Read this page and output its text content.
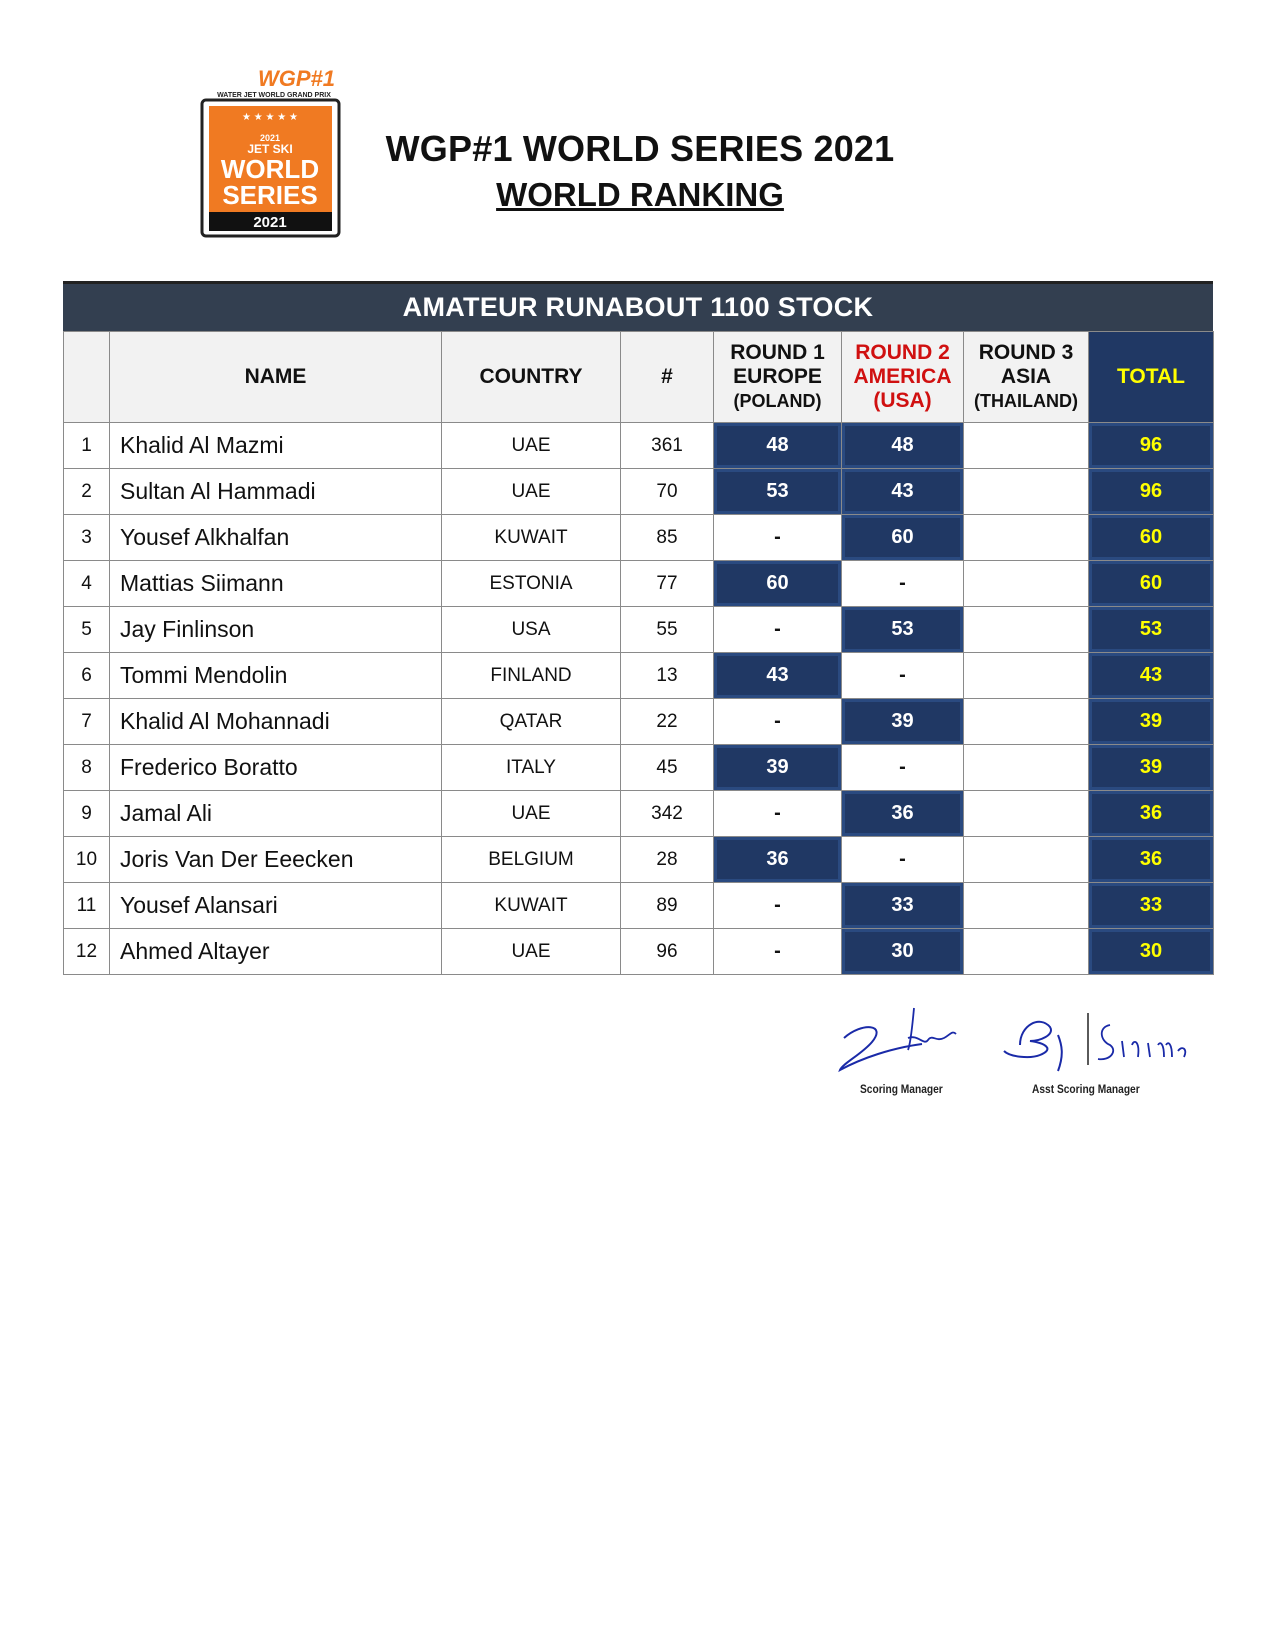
WGP#1
WATER JET WORLD GRAND PRIX
★ ★ ★ ★ ★
2021
JET SKI
WORLD
SERIES
2021
WGP#1 WORLD SERIES 2021
WORLD RANKING
AMATEUR RUNABOUT 1100 STOCK
	NAME	COUNTRY	#	ROUND 1
EUROPE
(POLAND)	ROUND 2
AMERICA
(USA)	ROUND 3
ASIA
(THAILAND)	TOTAL
1	Khalid Al Mazmi	UAE	361	48	48		96
2	Sultan Al Hammadi	UAE	70	53	43		96
3	Yousef Alkhalfan	KUWAIT	85	-	60		60
4	Mattias Siimann	ESTONIA	77	60	-		60
5	Jay Finlinson	USA	55	-	53		53
6	Tommi Mendolin	FINLAND	13	43	-		43
7	Khalid Al Mohannadi	QATAR	22	-	39		39
8	Frederico Boratto	ITALY	45	39	-		39
9	Jamal Ali	UAE	342	-	36		36
10	Joris Van Der Eeecken	BELGIUM	28	36	-		36
11	Yousef Alansari	KUWAIT	89	-	33		33
12	Ahmed Altayer	UAE	96	-	30		30
Scoring Manager	Asst Scoring Manager
